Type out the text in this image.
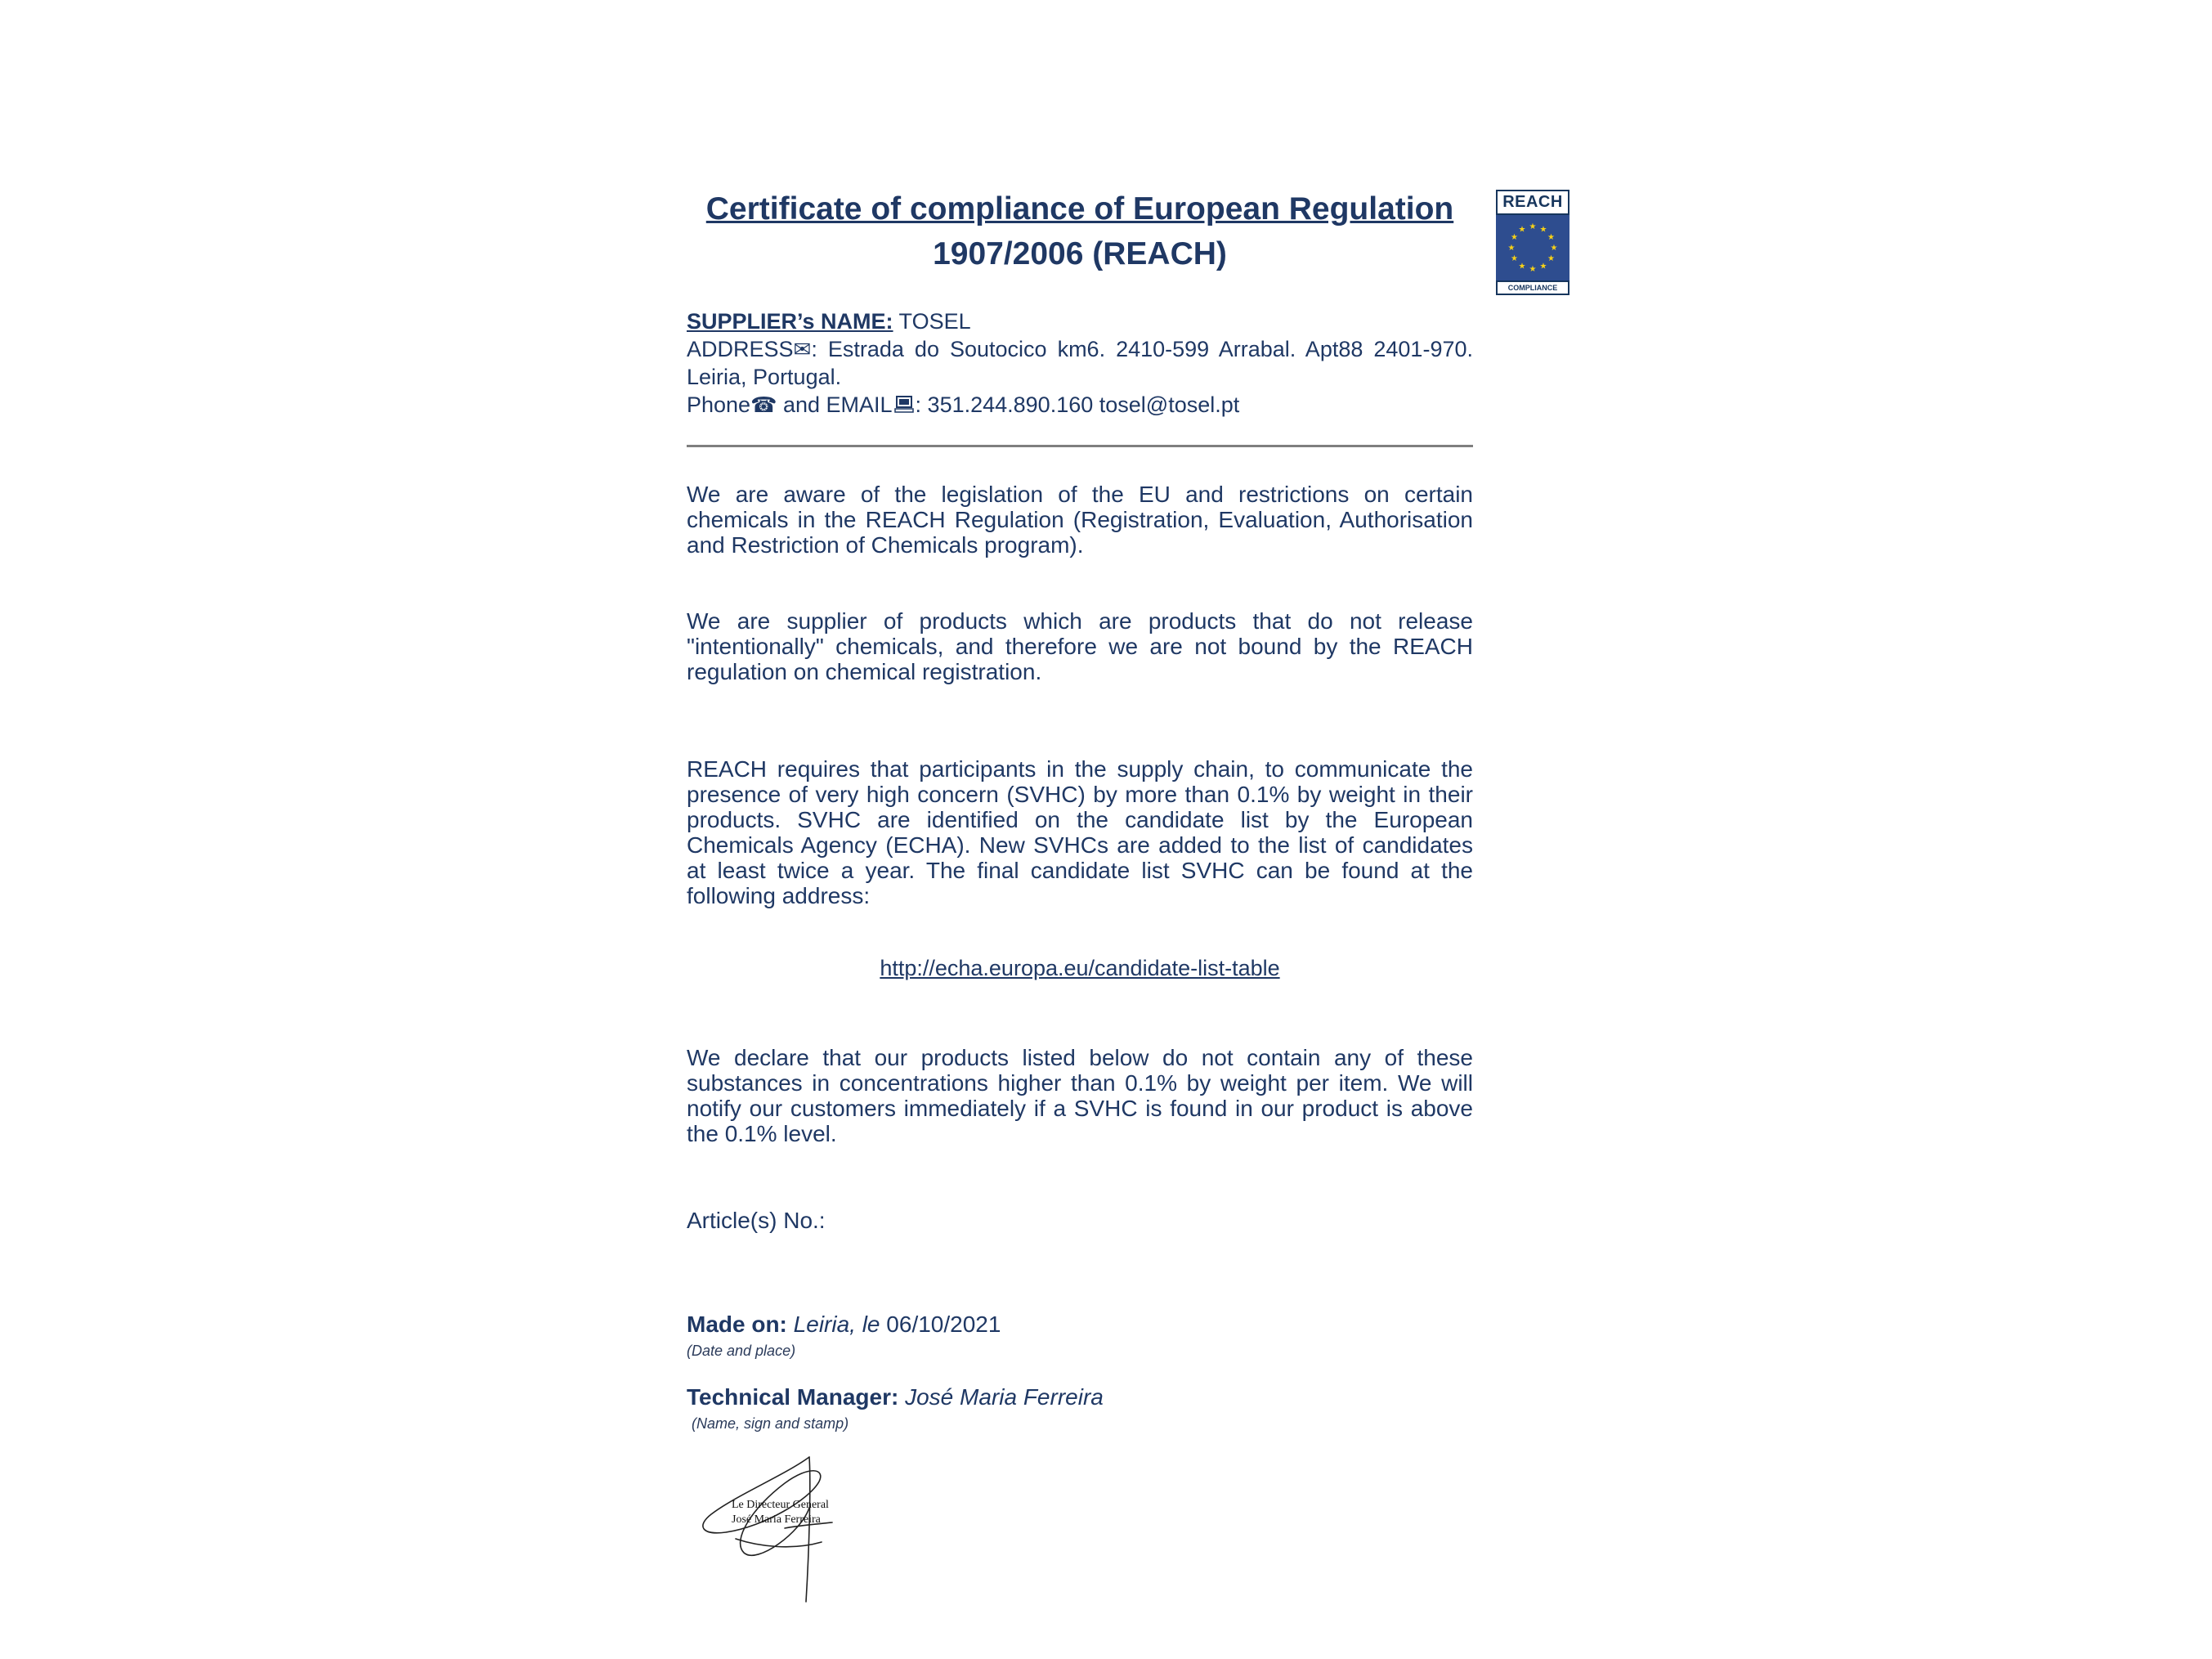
REACH
★ ★
★
★
★
★
★
★
★
★
★
★
COMPLIANCE
Certificate of compliance of European Regulation
1907/2006 (REACH)

SUPPLIER’s NAME: TOSEL

ADDRESS✉: Estrada do Soutocico km6. 2410-599 Arrabal. Apt88 2401-970. Leiria, Portugal.

Phone☎ and EMAIL : 351.244.890.160 tosel@tosel.pt

We are aware of the legislation of the EU and restrictions on certain chemicals in the REACH Regulation (Registration, Evaluation, Authorisation and Restriction of Chemicals program).

We are supplier of products which are products that do not release "intentionally" chemicals, and therefore we are not bound by the REACH regulation on chemical registration.

REACH requires that participants in the supply chain, to communicate the presence of very high concern (SVHC) by more than 0.1% by weight in their products. SVHC are identified on the candidate list by the European Chemicals Agency (ECHA). New SVHCs are added to the list of candidates at least twice a year. The final candidate list SVHC can be found at the following address:

http://echa.europa.eu/candidate-list-table

We declare that our products listed below do not contain any of these substances in concentrations higher than 0.1% by weight per item. We will notify our customers immediately if a SVHC is found in our product is above the 0.1% level.

Article(s) No.:

Made on: Leiria, le 06/10/2021

(Date and place)

Technical Manager: José Maria Ferreira

(Name, sign and stamp)

Le Directeur General
José Maria Ferreira
